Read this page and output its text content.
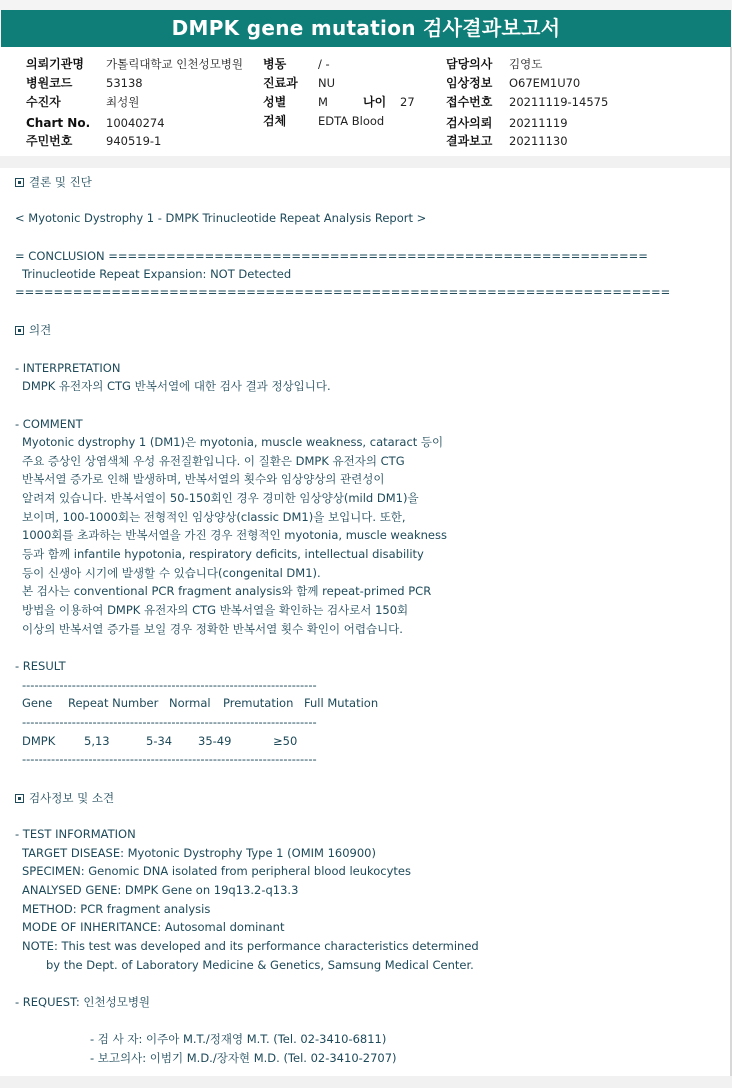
DMPK gene mutation 검사결과보고서
의뢰기관명 가톨릭대학교 인천성모병원 병동	/ -	담당의사 김영도
병원코드	53138	진료과 NU	임상정보 O67EM1U70
수진자	최성원	성별	M	나이 27	접수번호 20211119-14575
Chart No. 10040274	검체	EDTA Blood	검사의뢰 20211119
주민번호	940519-1	결과보고 20211130
결론 및 진단
< Myotonic Dystrophy 1 - DMPK Trinucleotide Repeat Analysis Report >
= CONCLUSION ========================================================
Trinucleotide Repeat Expansion: NOT Detected
====================================================================
의견
- INTERPRETATION
DMPK 유전자의 CTG 반복서열에 대한 검사 결과 정상입니다.
- COMMENT
Myotonic dystrophy 1 (DM1)은 myotonia, muscle weakness, cataract 등이
주요 증상인 상염색체 우성 유전질환입니다. 이 질환은 DMPK 유전자의 CTG
반복서열 증가로 인해 발생하며, 반복서열의 횟수와 임상양상의 관련성이
알려져 있습니다. 반복서열이 50-150회인 경우 경미한 임상양상(mild DM1)을
보이며, 100-1000회는 전형적인 임상양상(classic DM1)을 보입니다. 또한,
1000회를 초과하는 반복서열을 가진 경우 전형적인 myotonia, muscle weakness
등과 함께 infantile hypotonia, respiratory deficits, intellectual disability
등이 신생아 시기에 발생할 수 있습니다(congenital DM1).
본 검사는 conventional PCR fragment analysis와 함께 repeat-primed PCR
방법을 이용하여 DMPK 유전자의 CTG 반복서열을 확인하는 검사로서 150회
이상의 반복서열 증가를 보일 경우 정확한 반복서열 횟수 확인이 어렵습니다.
- RESULT
-----------------------------------------------------------------------
Gene Repeat Number Normal Premutation Full Mutation
-----------------------------------------------------------------------
DMPK 5,13	5-34 35-49	≥50
-----------------------------------------------------------------------
검사정보 및 소견
- TEST INFORMATION
TARGET DISEASE: Myotonic Dystrophy Type 1 (OMIM 160900)
SPECIMEN: Genomic DNA isolated from peripheral blood leukocytes
ANALYSED GENE: DMPK Gene on 19q13.2-q13.3
METHOD: PCR fragment analysis
MODE OF INHERITANCE: Autosomal dominant
NOTE: This test was developed and its performance characteristics determined
by the Dept. of Laboratory Medicine & Genetics, Samsung Medical Center.
- REQUEST: 인천성모병원
- 검 사 자: 이주아 M.T./정재영 M.T. (Tel. 02-3410-6811)
- 보고의사: 이범기 M.D./장자현 M.D. (Tel. 02-3410-2707)
